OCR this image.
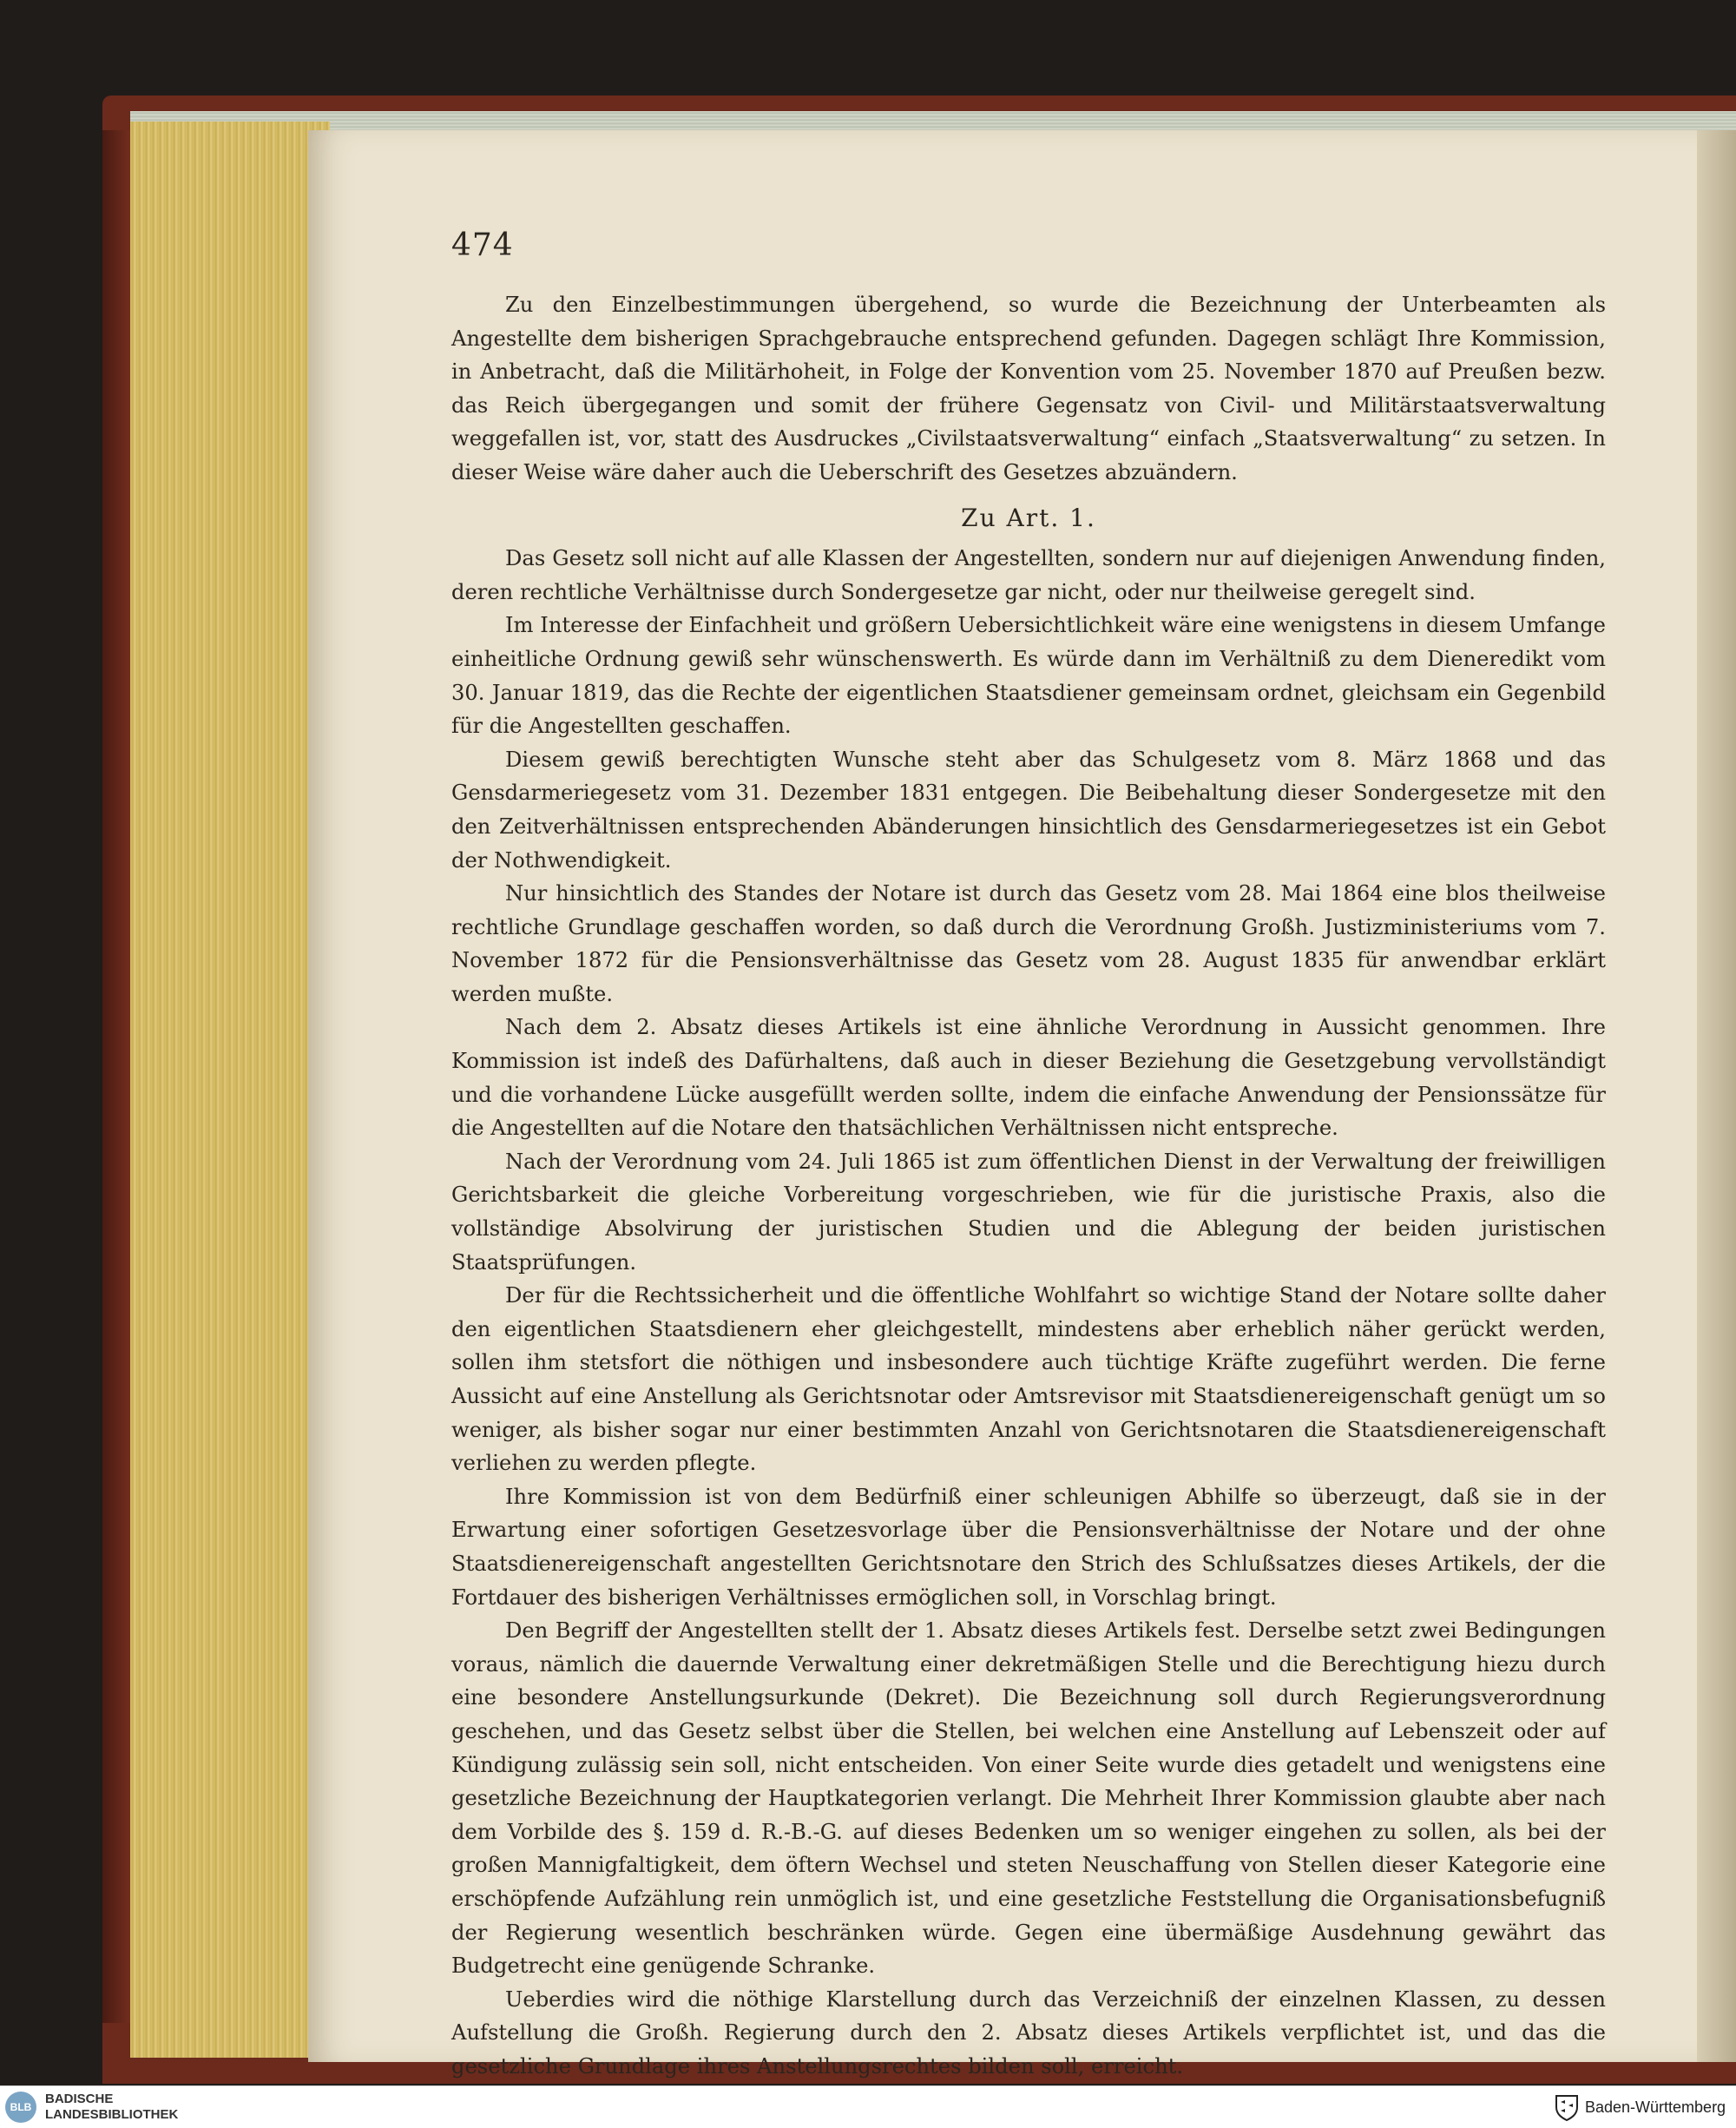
474

Zu den Einzelbestimmungen übergehend, so wurde die Bezeichnung der Unterbeamten als Angestellte dem bisherigen Sprachgebrauche entsprechend gefunden. Dagegen schlägt Ihre Kommission, in Anbetracht, daß die Militärhoheit, in Folge der Konvention vom 25. November 1870 auf Preußen bezw. das Reich übergegangen und somit der frühere Gegensatz von Civil- und Militärstaatsverwaltung weggefallen ist, vor, statt des Ausdruckes „Civilstaatsverwaltung“ einfach „Staatsverwaltung“ zu setzen. In dieser Weise wäre daher auch die Ueberschrift des Gesetzes abzuändern.

Zu Art. 1.

Das Gesetz soll nicht auf alle Klassen der Angestellten, sondern nur auf diejenigen Anwendung finden, deren rechtliche Verhältnisse durch Sondergesetze gar nicht, oder nur theilweise geregelt sind.

Im Interesse der Einfachheit und größern Uebersichtlichkeit wäre eine wenigstens in diesem Umfange einheitliche Ordnung gewiß sehr wünschenswerth. Es würde dann im Verhältniß zu dem Dieneredikt vom 30. Januar 1819, das die Rechte der eigentlichen Staatsdiener gemeinsam ordnet, gleichsam ein Gegenbild für die Angestellten geschaffen.

Diesem gewiß berechtigten Wunsche steht aber das Schulgesetz vom 8. März 1868 und das Gensdarmeriegesetz vom 31. Dezember 1831 entgegen. Die Beibehaltung dieser Sondergesetze mit den den Zeitverhältnissen entsprechenden Abänderungen hinsichtlich des Gensdarmeriegesetzes ist ein Gebot der Nothwendigkeit.

Nur hinsichtlich des Standes der Notare ist durch das Gesetz vom 28. Mai 1864 eine blos theilweise rechtliche Grundlage geschaffen worden, so daß durch die Verordnung Großh. Justizministeriums vom 7. November 1872 für die Pensionsverhältnisse das Gesetz vom 28. August 1835 für anwendbar erklärt werden mußte.

Nach dem 2. Absatz dieses Artikels ist eine ähnliche Verordnung in Aussicht genommen. Ihre Kommission ist indeß des Dafürhaltens, daß auch in dieser Beziehung die Gesetzgebung vervollständigt und die vorhandene Lücke ausgefüllt werden sollte, indem die einfache Anwendung der Pensionssätze für die Angestellten auf die Notare den thatsächlichen Verhältnissen nicht entspreche.

Nach der Verordnung vom 24. Juli 1865 ist zum öffentlichen Dienst in der Verwaltung der freiwilligen Gerichtsbarkeit die gleiche Vorbereitung vorgeschrieben, wie für die juristische Praxis, also die vollständige Absolvirung der juristischen Studien und die Ablegung der beiden juristischen Staatsprüfungen.

Der für die Rechtssicherheit und die öffentliche Wohlfahrt so wichtige Stand der Notare sollte daher den eigentlichen Staatsdienern eher gleichgestellt, mindestens aber erheblich näher gerückt werden, sollen ihm stetsfort die nöthigen und insbesondere auch tüchtige Kräfte zugeführt werden. Die ferne Aussicht auf eine Anstellung als Gerichtsnotar oder Amtsrevisor mit Staatsdienereigenschaft genügt um so weniger, als bisher sogar nur einer bestimmten Anzahl von Gerichtsnotaren die Staatsdienereigenschaft verliehen zu werden pflegte.

Ihre Kommission ist von dem Bedürfniß einer schleunigen Abhilfe so überzeugt, daß sie in der Erwartung einer sofortigen Gesetzesvorlage über die Pensionsverhältnisse der Notare und der ohne Staatsdienereigenschaft angestellten Gerichtsnotare den Strich des Schlußsatzes dieses Artikels, der die Fortdauer des bisherigen Verhältnisses ermöglichen soll, in Vorschlag bringt.

Den Begriff der Angestellten stellt der 1. Absatz dieses Artikels fest. Derselbe setzt zwei Bedingungen voraus, nämlich die dauernde Verwaltung einer dekretmäßigen Stelle und die Berechtigung hiezu durch eine besondere Anstellungsurkunde (Dekret). Die Bezeichnung soll durch Regierungsverordnung geschehen, und das Gesetz selbst über die Stellen, bei welchen eine Anstellung auf Lebenszeit oder auf Kündigung zulässig sein soll, nicht entscheiden. Von einer Seite wurde dies getadelt und wenigstens eine gesetzliche Bezeichnung der Hauptkategorien verlangt. Die Mehrheit Ihrer Kommission glaubte aber nach dem Vorbilde des §. 159 d. R.-B.-G. auf dieses Bedenken um so weniger eingehen zu sollen, als bei der großen Mannigfaltigkeit, dem öftern Wechsel und steten Neuschaffung von Stellen dieser Kategorie eine erschöpfende Aufzählung rein unmöglich ist, und eine gesetzliche Feststellung die Organisationsbefugniß der Regierung wesentlich beschränken würde. Gegen eine übermäßige Ausdehnung gewährt das Budgetrecht eine genügende Schranke.

Ueberdies wird die nöthige Klarstellung durch das Verzeichniß der einzelnen Klassen, zu dessen Aufstellung die Großh. Regierung durch den 2. Absatz dieses Artikels verpflichtet ist, und das die gesetzliche Grundlage ihres Anstellungsrechtes bilden soll, erreicht.

BLB
BADISCHE
LANDESBIBLIOTHEK	Baden-Württemberg
